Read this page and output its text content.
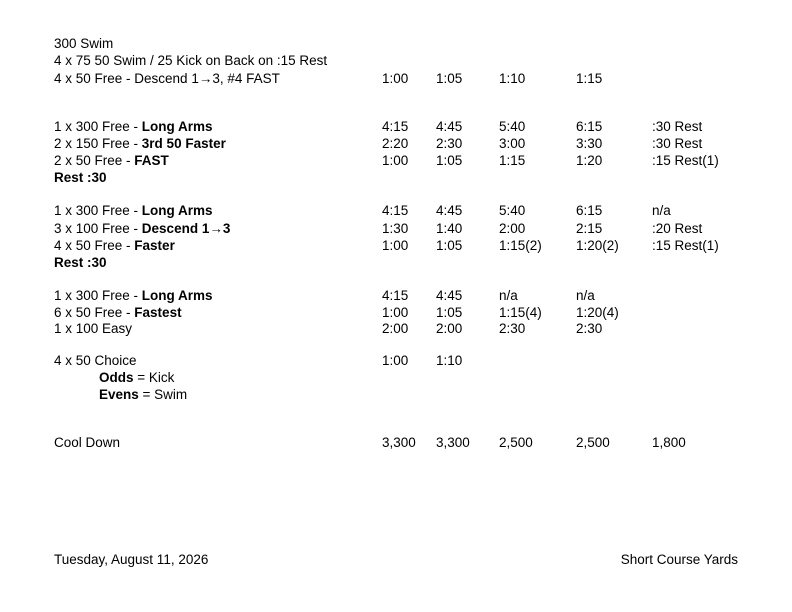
300 Swim
4 x 75 50 Swim / 25 Kick on Back on :15 Rest
4 x 50 Free - Descend 1→3, #4 FAST	1:00 1:05	1:10	1:15
1 x 300 Free - Long Arms	4:15 4:45	5:40	6:15	:30 Rest
2 x 150 Free - 3rd 50 Faster	2:20 2:30	3:00	3:30	:30 Rest
2 x 50 Free - FAST	1:00 1:05	1:15	1:20	:15 Rest(1)
Rest :30
1 x 300 Free - Long Arms	4:15 4:45	5:40	6:15	n/a
3 x 100 Free - Descend 1→3	1:30 1:40	2:00	2:15	:20 Rest
4 x 50 Free - Faster	1:00 1:05	1:15(2)	1:20(2) :15 Rest(1)
Rest :30
1 x 300 Free - Long Arms	4:15 4:45	n/a	n/a
6 x 50 Free - Fastest	1:00 1:05	1:15(4)	1:20(4)
1 x 100 Easy	2:00 2:00	2:30	2:30
4 x 50 Choice	1:00 1:10
Odds = Kick
Evens = Swim
Cool Down	3,300 3,300 2,500	2,500	1,800
Tuesday, August 11, 2026	Short Course Yards
